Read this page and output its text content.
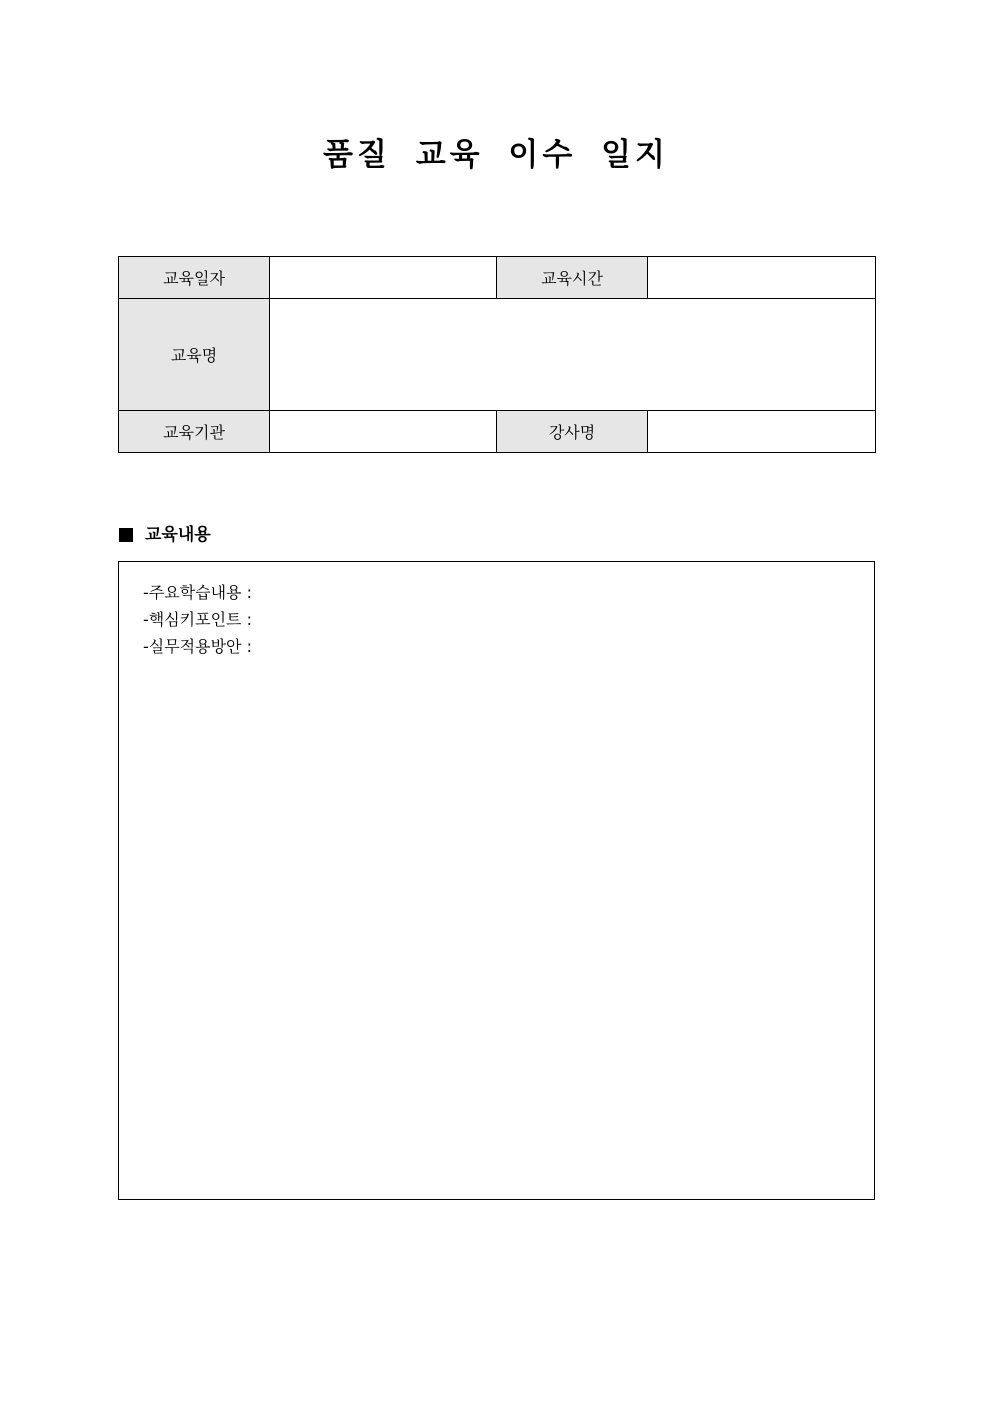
품질 교육 이수 일지
교육일자		교육시간	
교육명			
교육기관		강사명	
교육내용
-주요학습내용 :
-핵심키포인트 :
-실무적용방안 :
